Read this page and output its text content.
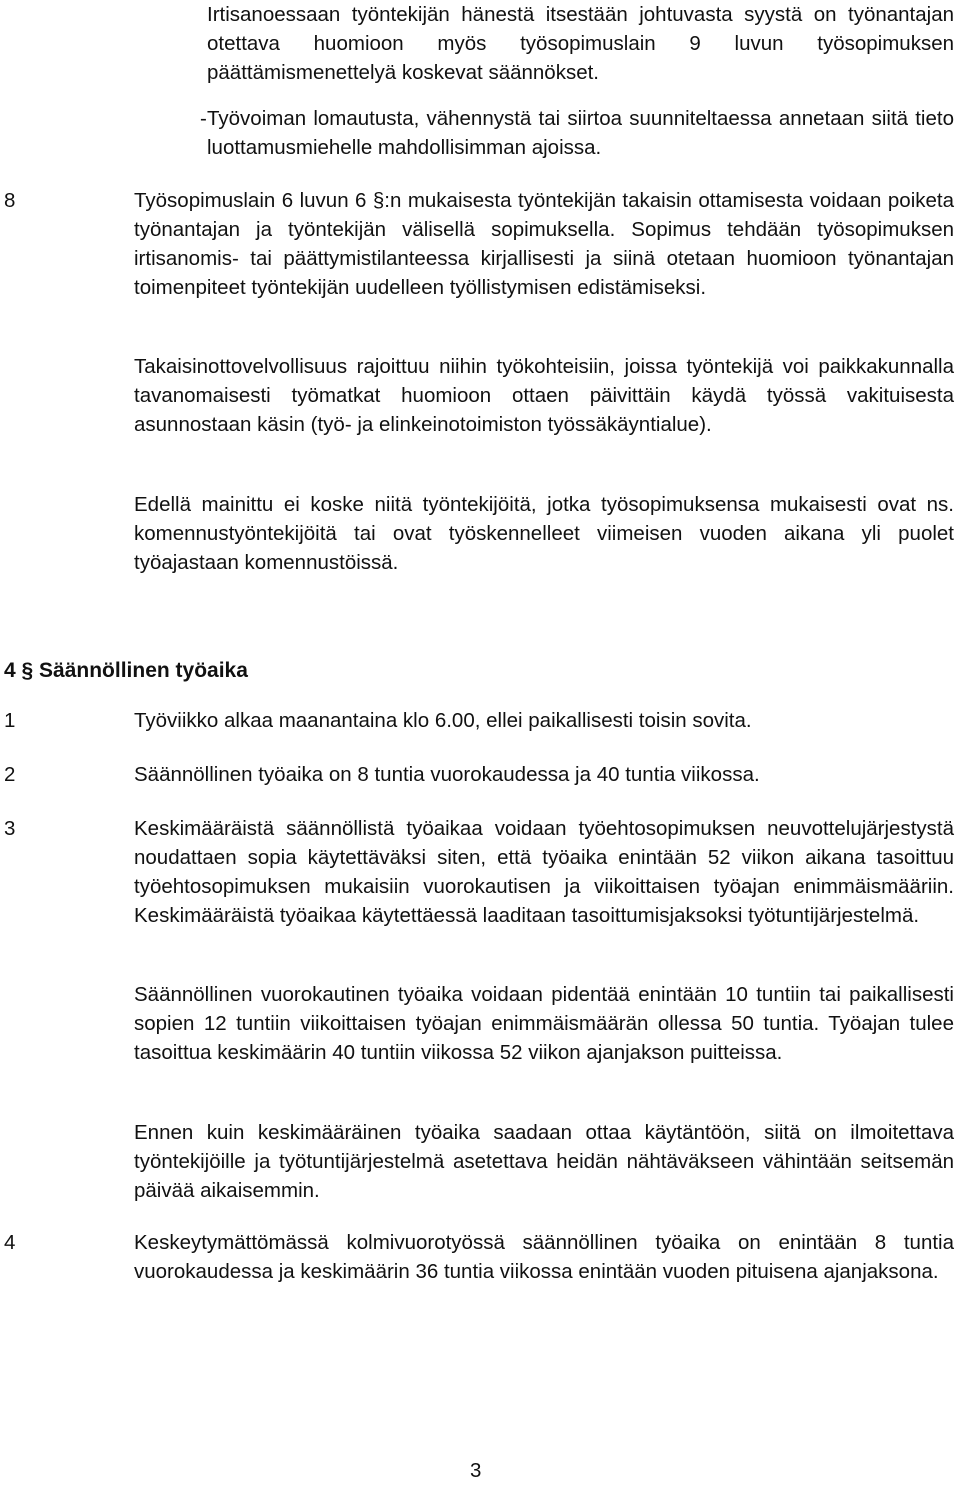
Irtisanoessaan työntekijän hänestä itsestään johtuvasta syystä on työnantajan otettava huomioon myös työsopimuslain 9 luvun työsopimuksen päättämismenettelyä koskevat säännökset.

- Työvoiman lomautusta, vähennystä tai siirtoa suunniteltaessa annetaan siitä tieto luottamusmiehelle mahdollisimman ajoissa.

8	Työsopimuslain 6 luvun 6 §:n mukaisesta työntekijän takaisin ottamisesta voidaan poiketa työnantajan ja työntekijän välisellä sopimuksella. Sopimus tehdään työsopimuksen irtisanomis- tai päättymistilanteessa kirjallisesti ja siinä otetaan huomioon työnantajan toimenpiteet työntekijän uudelleen työllistymisen edistämiseksi.

Takaisinottovelvollisuus rajoittuu niihin työkohteisiin, joissa työntekijä voi paikkakunnalla tavanomaisesti työmatkat huomioon ottaen päivittäin käydä työssä vakituisesta asunnostaan käsin (työ- ja elinkeinotoimiston työssäkäyntialue).

Edellä mainittu ei koske niitä työntekijöitä, jotka työsopimuksensa mukaisesti ovat ns. komennustyöntekijöitä tai ovat työskennelleet viimeisen vuoden aikana yli puolet työajastaan komennustöissä.

4 § Säännöllinen työaika

1	Työviikko alkaa maanantaina klo 6.00, ellei paikallisesti toisin sovita.

2	Säännöllinen työaika on 8 tuntia vuorokaudessa ja 40 tuntia viikossa.

3	Keskimääräistä säännöllistä työaikaa voidaan työehtosopimuksen neuvottelujärjestystä noudattaen sopia käytettäväksi siten, että työaika enintään 52 viikon aikana tasoittuu työehtosopimuksen mukaisiin vuorokautisen ja viikoittaisen työajan enimmäismääriin. Keskimääräistä työaikaa käytettäessä laaditaan tasoittumisjaksoksi työtuntijärjestelmä.

Säännöllinen vuorokautinen työaika voidaan pidentää enintään 10 tuntiin tai paikallisesti sopien 12 tuntiin viikoittaisen työajan enimmäismäärän ollessa 50 tuntia. Työajan tulee tasoittua keskimäärin 40 tuntiin viikossa 52 viikon ajanjakson puitteissa.

Ennen kuin keskimääräinen työaika saadaan ottaa käytäntöön, siitä on ilmoitettava työntekijöille ja työtuntijärjestelmä asetettava heidän nähtäväkseen vähintään seitsemän päivää aikaisemmin.

4	Keskeytymättömässä kolmivuorotyössä säännöllinen työaika on enintään 8 tuntia vuorokaudessa ja keskimäärin 36 tuntia viikossa enintään vuoden pituisena ajanjaksona.

3
